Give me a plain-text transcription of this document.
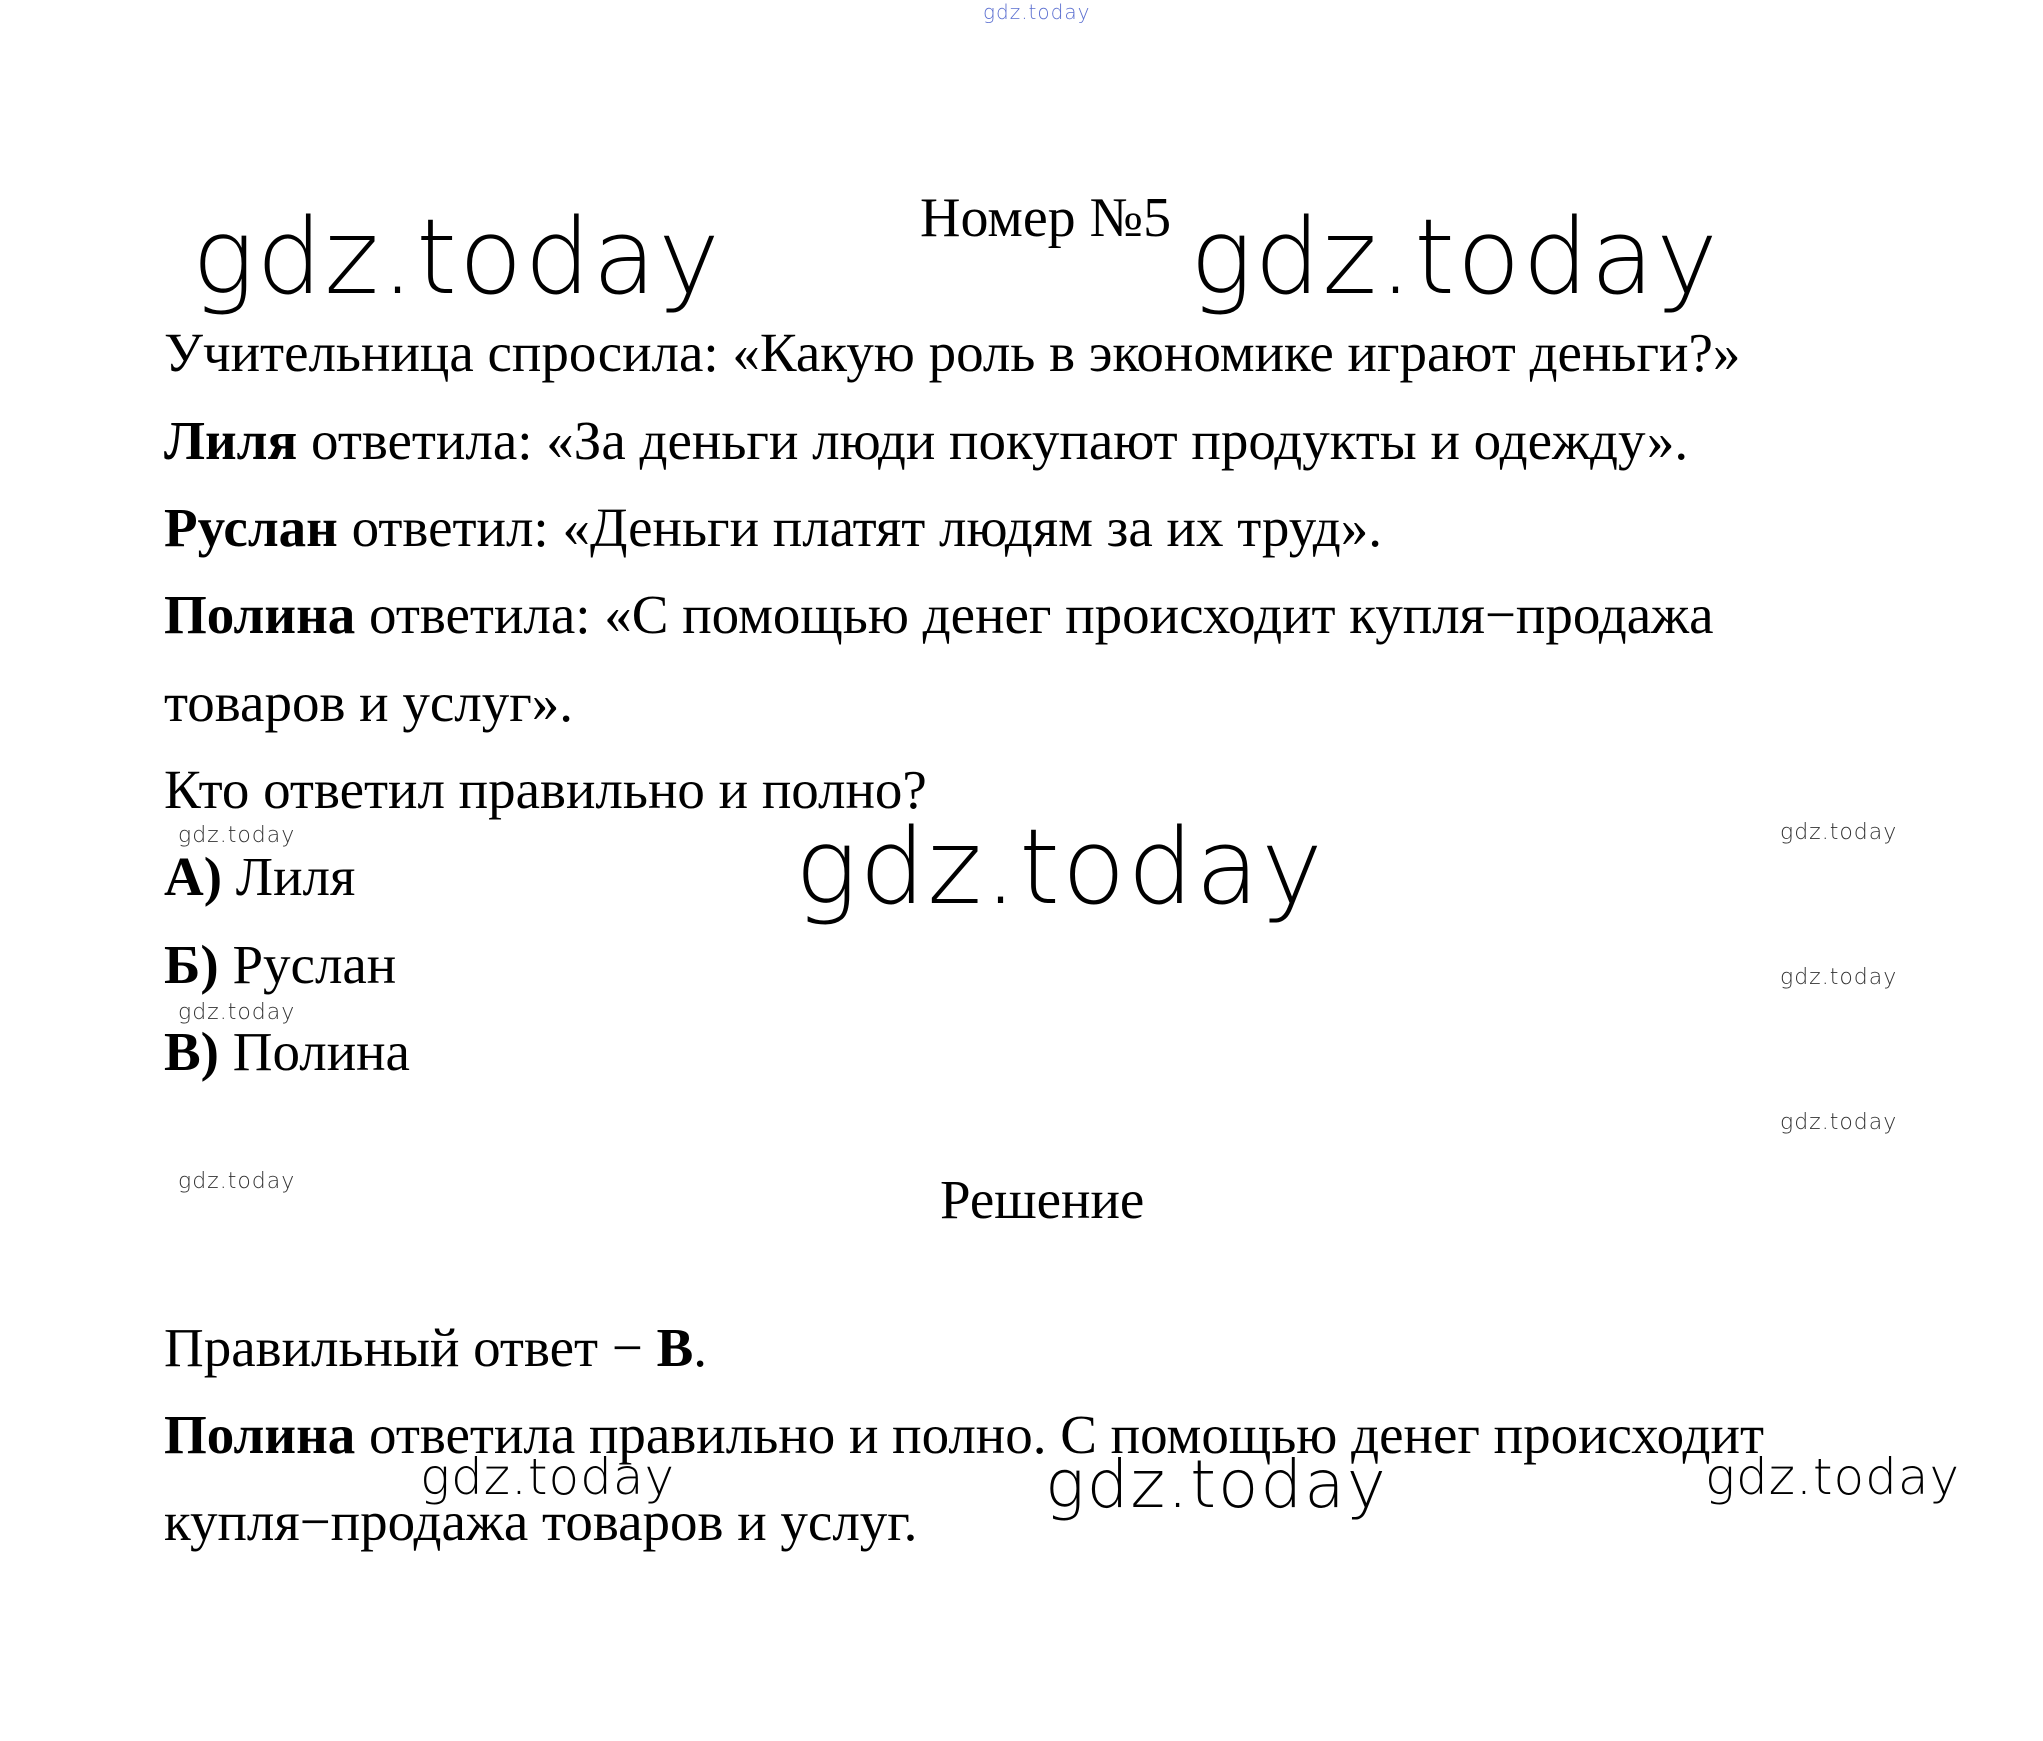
gdz.today
gdz.today	gdz.today
gdz.today
gdz.today	gdz.today
gdz.today
gdz.today
gdz.today
gdz.today
gdz.today	gdz.today	gdz.today
Номер №5

Учительница спросила: «Какую роль в экономике играют деньги?»

Лиля ответила: «За деньги люди покупают продукты и одежду».

Руслан ответил: «Деньги платят людям за их труд».

Полина ответила: «С помощью денег происходит купля−продажа

товаров и услуг».

Кто ответил правильно и полно?

А) Лиля
Б) Руслан
В) Полина
Решение

Правильный ответ − В.

Полина ответила правильно и полно. С помощью денег происходит

купля−продажа товаров и услуг.
